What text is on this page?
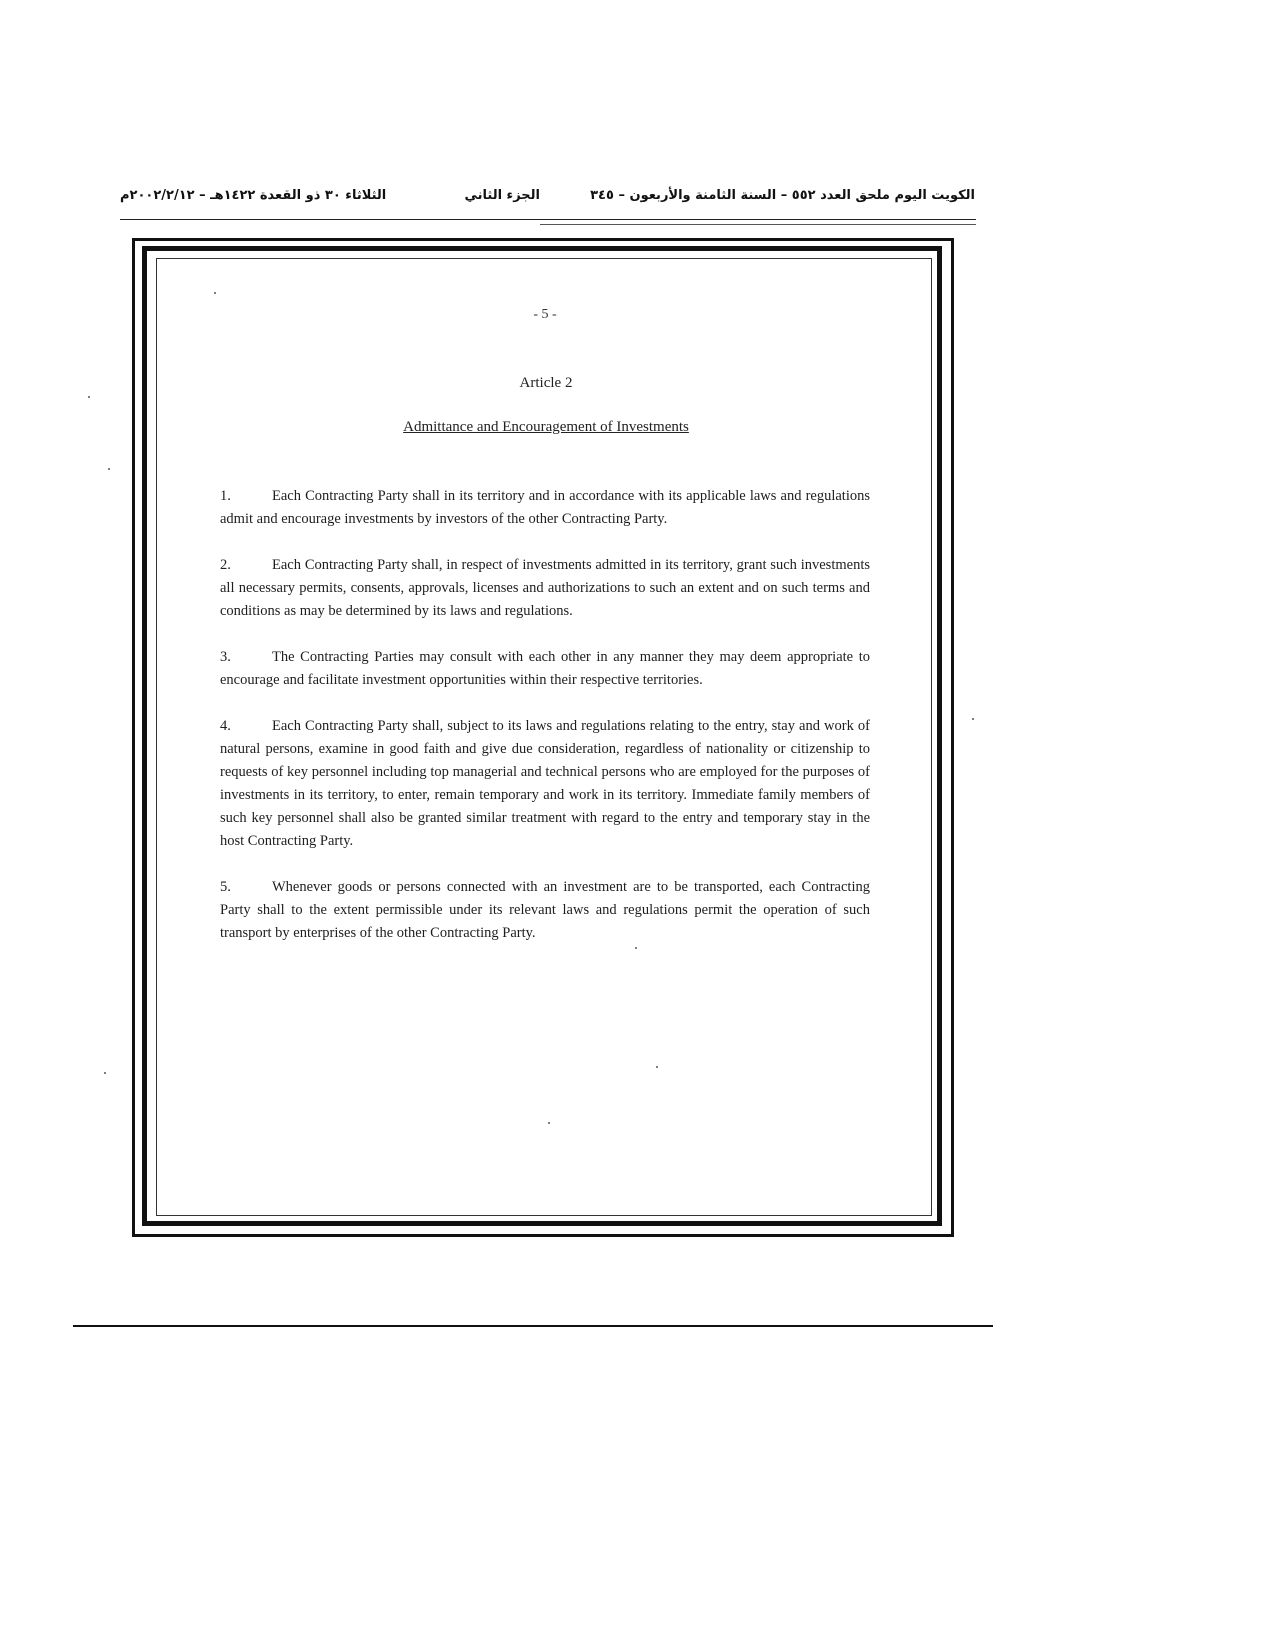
الكويت اليوم ملحق العدد ٥٥٢ – السنة الثامنة والأربعون – ٣٤٥
الجزء الثاني
الثلاثاء ٣٠ ذو القعدة ١٤٢٢هـ – ٢٠٠٢/٢/١٢م
- 5 -
Article 2
Admittance and Encouragement of Investments

1.	Each Contracting Party shall in its territory and in accordance with its applicable laws and regulations admit and encourage investments by investors of the other Contracting Party.

2.	Each Contracting Party shall, in respect of investments admitted in its territory, grant such investments all necessary permits, consents, approvals, licenses and authorizations to such an extent and on such terms and conditions as may be determined by its laws and regulations.

3.	The Contracting Parties may consult with each other in any manner they may deem appropriate to encourage and facilitate investment opportunities within their respective territories.

4.	Each Contracting Party shall, subject to its laws and regulations relating to the entry, stay and work of natural persons, examine in good faith and give due consideration, regardless of nationality or citizenship to requests of key personnel including top managerial and technical persons who are employed for the purposes of investments in its territory, to enter, remain temporary and work in its territory. Immediate family members of such key personnel shall also be granted similar treatment with regard to the entry and temporary stay in the host Contracting Party.

5.	Whenever goods or persons connected with an investment are to be transported, each Contracting Party shall to the extent permissible under its relevant laws and regulations permit the operation of such transport by enterprises of the other Contracting Party.
